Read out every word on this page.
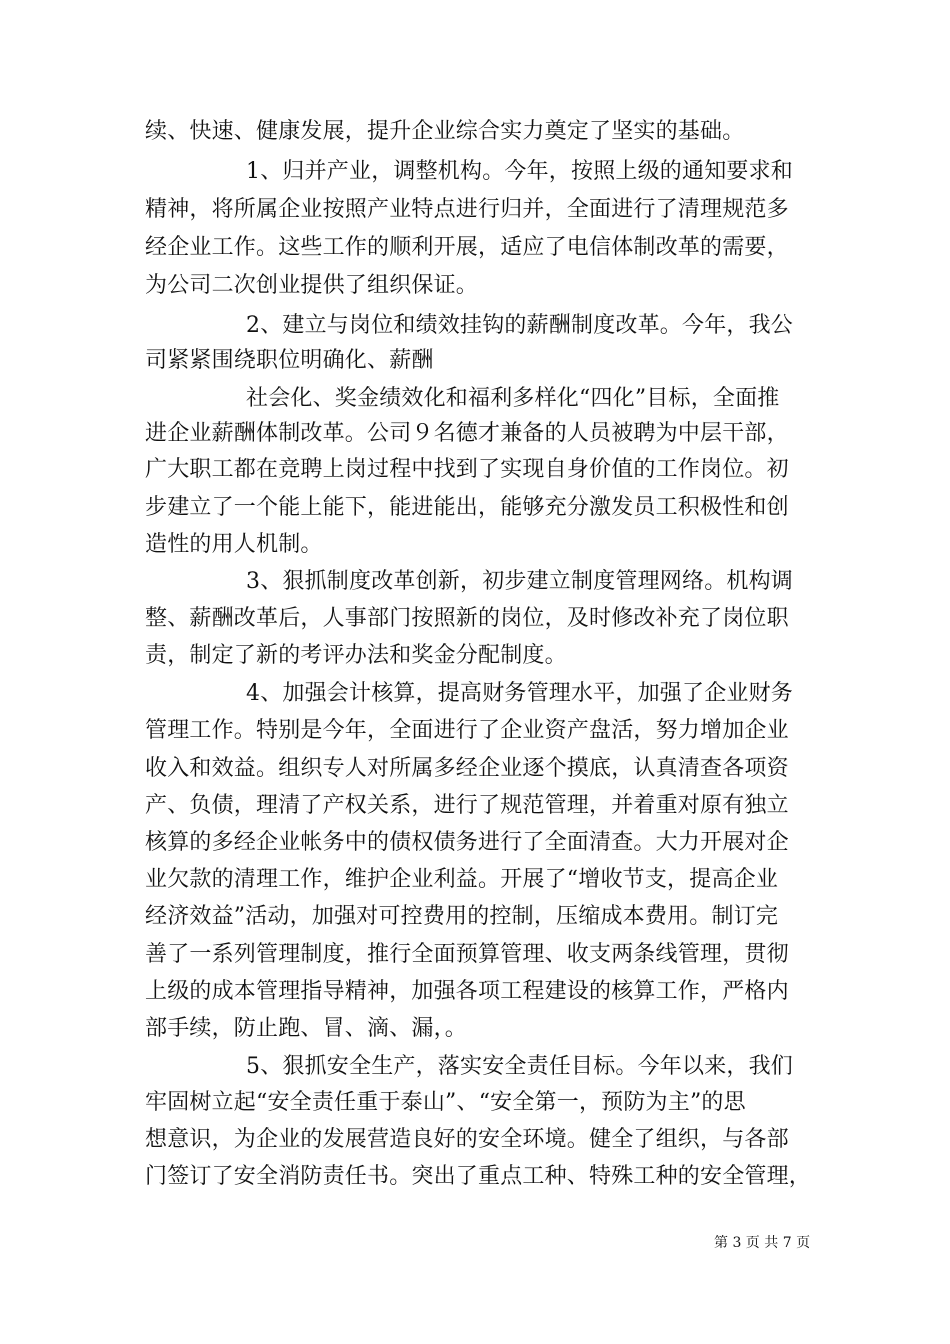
续、快速、健康发展，提升企业综合实力奠定了坚实的基础。
1、归并产业，调整机构。今年，按照上级的通知要求和
精神，将所属企业按照产业特点进行归并，全面进行了清理规范多
经企业工作。这些工作的顺利开展，适应了电信体制改革的需要，
为公司二次创业提供了组织保证。
2、建立与岗位和绩效挂钩的薪酬制度改革。今年，我公
司紧紧围绕职位明确化、薪酬
社会化、奖金绩效化和福利多样化“四化”目标，全面推
进企业薪酬体制改革。公司９名德才兼备的人员被聘为中层干部，
广大职工都在竞聘上岗过程中找到了实现自身价值的工作岗位。初
步建立了一个能上能下，能进能出，能够充分激发员工积极性和创
造性的用人机制。
3、狠抓制度改革创新，初步建立制度管理网络。机构调
整、薪酬改革后，人事部门按照新的岗位，及时修改补充了岗位职
责，制定了新的考评办法和奖金分配制度。
4、加强会计核算，提高财务管理水平，加强了企业财务
管理工作。特别是今年，全面进行了企业资产盘活，努力增加企业
收入和效益。组织专人对所属多经企业逐个摸底，认真清查各项资
产、负债，理清了产权关系，进行了规范管理，并着重对原有独立
核算的多经企业帐务中的债权债务进行了全面清查。大力开展对企
业欠款的清理工作，维护企业利益。开展了“增收节支，提高企业
经济效益”活动，加强对可控费用的控制，压缩成本费用。制订完
善了一系列管理制度，推行全面预算管理、收支两条线管理，贯彻
上级的成本管理指导精神，加强各项工程建设的核算工作，严格内
部手续，防止跑、冒、滴、漏，。
5、狠抓安全生产，落实安全责任目标。今年以来，我们
牢固树立起“安全责任重于泰山”、“安全第一，预防为主”的思
想意识，为企业的发展营造良好的安全环境。健全了组织，与各部
门签订了安全消防责任书。突出了重点工种、特殊工种的安全管理，
第 3 页 共 7 页
